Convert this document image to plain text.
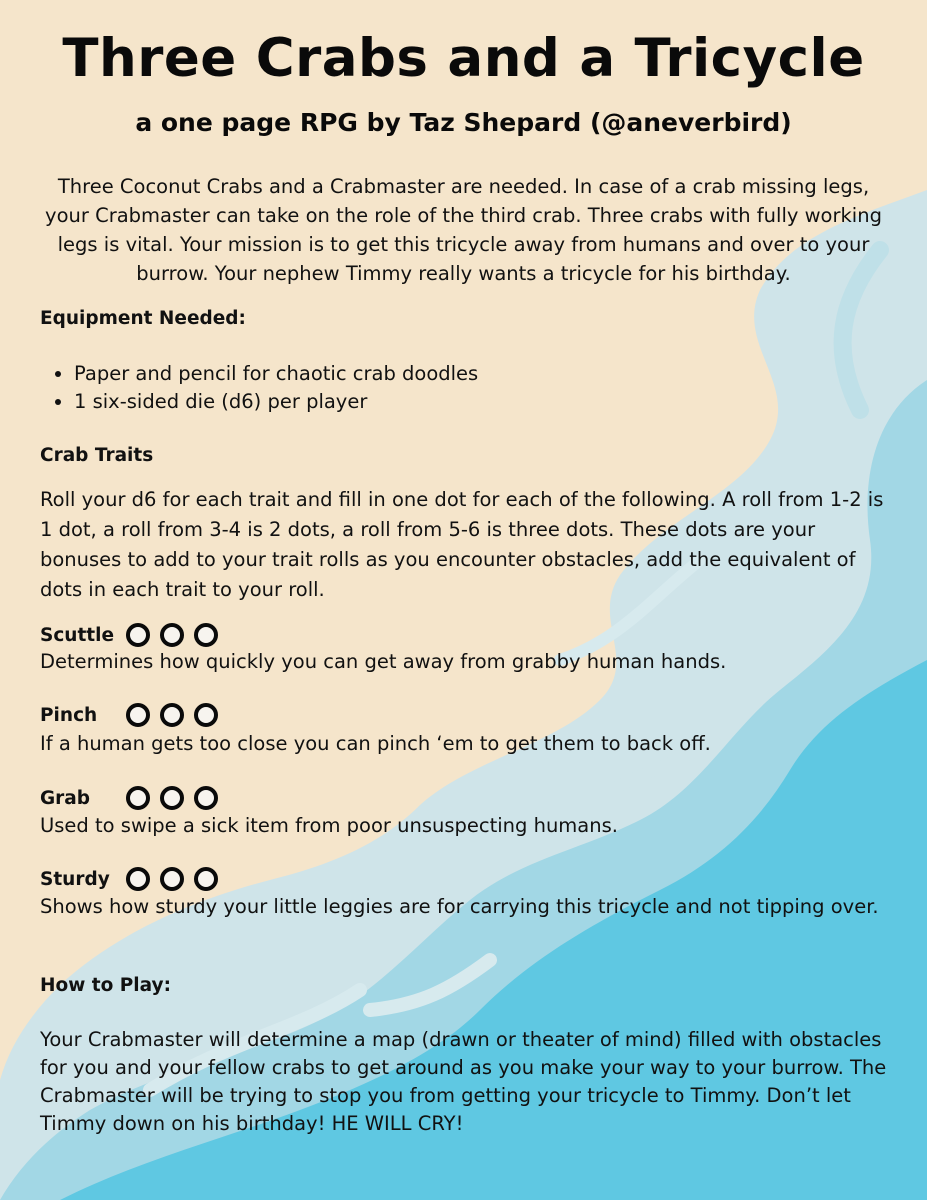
Three Crabs and a Tricycle
a one page RPG by Taz Shepard (@aneverbird)

Three Coconut Crabs and a Crabmaster are needed. In case of a crab missing legs, your Crabmaster can take on the role of the third crab. Three crabs with fully working legs is vital. Your mission is to get this tricycle away from humans and over to your burrow. Your nephew Timmy really wants a tricycle for his birthday.

Equipment Needed:

• Paper and pencil for chaotic crab doodles
• 1 six-sided die (d6) per player

Crab Traits

Roll your d6 for each trait and fill in one dot for each of the following. A roll from 1-2 is 1 dot, a roll from 3-4 is 2 dots, a roll from 5-6 is three dots. These dots are your bonuses to add to your trait rolls as you encounter obstacles, add the equivalent of dots in each trait to your roll.

Scuttle

Determines how quickly you can get away from grabby human hands.

Pinch

If a human gets too close you can pinch ‘em to get them to back off.

Grab

Used to swipe a sick item from poor unsuspecting humans.

Sturdy

Shows how sturdy your little leggies are for carrying this tricycle and not tipping over.

How to Play:

Your Crabmaster will determine a map (drawn or theater of mind) filled with obstacles for you and your fellow crabs to get around as you make your way to your burrow. The Crabmaster will be trying to stop you from getting your tricycle to Timmy. Don’t let Timmy down on his birthday! HE WILL CRY!
